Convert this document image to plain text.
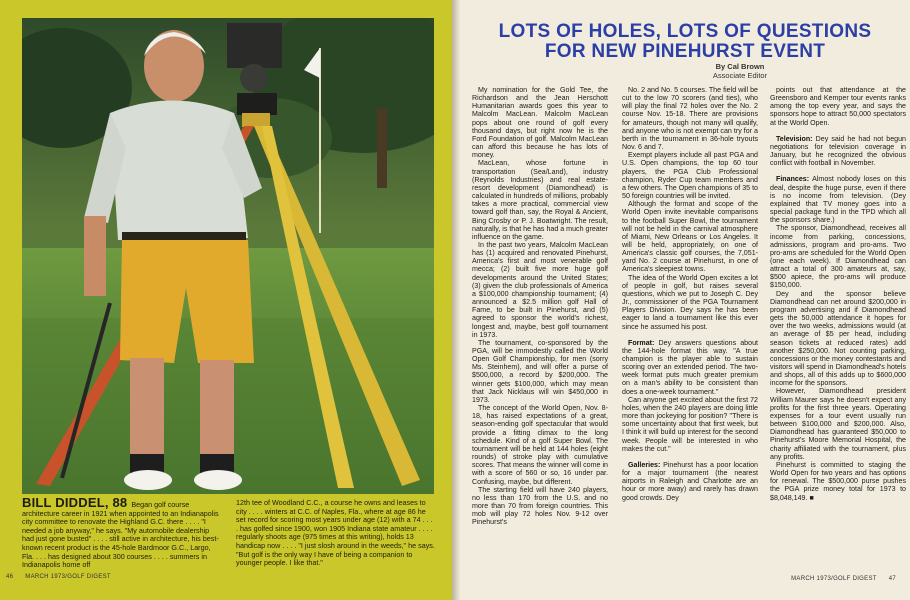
BILL DIDDEL, 88 Began golf course architecture career in 1921 when appointed to an Indianapolis city committee to renovate the Highland G.C. there . . . . "I needed a job anyway," he says. "My automobile dealership had just gone busted" . . . . still active in architecture, his best-known recent product is the 45-hole Bardmoor G.C., Largo, Fla. . . . has designed about 300 courses . . . . summers in Indianapolis home off
12th tee of Woodland C.C., a course he owns and leases to city . . . . winters at C.C. of Naples, Fla., where at age 86 he set record for scoring most years under age (12) with a 74 . . . . has golfed since 1900, won 1905 Indiana state amateur . . . . regularly shoots age (975 times at this writing), holds 13 handicap now . . . . "I just slosh around in the weeds," he says. "But golf is the only way I have of being a companion to younger people. I like that."
46 MARCH 1973/GOLF DIGEST
LOTS OF HOLES, LOTS OF QUESTIONS
FOR NEW PINEHURST EVENT
By Cal Brown
Associate Editor

My nomination for the Gold Tee, the Richardson and the Jean Herschott Humanitarian awards goes this year to Malcolm MacLean. Malcolm MacLean pops about one round of golf every thousand days, but right now he is the Ford Foundation of golf. Malcolm MacLean can afford this because he has lots of money.

MacLean, whose fortune in transportation (Sea/Land), industry (Reynolds Industries) and real estate-resort development (Diamondhead) is calculated in hundreds of millions, probably takes a more practical, commercial view toward golf than, say, the Royal & Ancient, Bing Crosby or P. J. Boatwright. The result, naturally, is that he has had a much greater influence on the game.

In the past two years, Malcolm MacLean has (1) acquired and renovated Pinehurst, America's first and most venerable golf mecca; (2) built five more huge golf developments around the United States; (3) given the club professionals of America a $100,000 championship tournament; (4) announced a $2.5 million golf Hall of Fame, to be built in Pinehurst, and (5) agreed to sponsor the world's richest, longest and, maybe, best golf tournament in 1973.

The tournament, co-sponsored by the PGA, will be immodestly called the World Open Golf Championship, for men (sorry Ms. Steinhem), and will offer a purse of $500,000, a record by $200,000. The winner gets $100,000, which may mean that Jack Nicklaus will win $450,000 in 1973.

The concept of the World Open, Nov. 8-18, has raised expectations of a great, season-ending golf spectacular that would provide a fitting climax to the long schedule. Kind of a golf Super Bowl. The tournament will be held at 144 holes (eight rounds) of stroke play with cumulative scores. That means the winner will come in with a score of 560 or so, 16 under par. Confusing, maybe, but different.

The starting field will have 240 players, no less than 170 from the U.S. and no more than 70 from foreign countries. This mob will play 72 holes Nov. 9-12 over Pinehurst's

No. 2 and No. 5 courses. The field will be cut to the low 70 scorers (and ties), who will play the final 72 holes over the No. 2 course Nov. 15-18. There are provisions for amateurs, though not many will qualify, and anyone who is not exempt can try for a berth in the tournament in 36-hole tryouts Nov. 6 and 7.

Exempt players include all past PGA and U.S. Open champions, the top 60 tour players, the PGA Club Professional champion, Ryder Cup team members and a few others. The Open champions of 35 to 50 foreign countries will be invited.

Although the format and scope of the World Open invite inevitable comparisons to the football Super Bowl, the tournament will not be held in the carnival atmosphere of Miami, New Orleans or Los Angeles. It will be held, appropriately, on one of America's classic golf courses, the 7,051-yard No. 2 course at Pinehurst, in one of America's sleepiest towns.

The idea of the World Open excites a lot of people in golf, but raises several questions, which we put to Joseph C. Dey Jr., commissioner of the PGA Tournament Players Division. Dey says he has been eager to land a tournament like this ever since he assumed his post.

Format: Dey answers questions about the 144-hole format this way. "A true champion is the player able to sustain scoring over an extended period. The two-week format puts much greater premium on a man's ability to be consistent than does a one-week tournament."

Can anyone get excited about the first 72 holes, when the 240 players are doing little more than jockeying for position? "There is some uncertainty about that first week, but I think it will build up interest for the second week. People will be interested in who makes the cut."

Galleries: Pinehurst has a poor location for a major tournament (the nearest airports in Raleigh and Charlotte are an hour or more away) and rarely has drawn good crowds. Dey

points out that attendance at the Greensboro and Kemper tour events ranks among the top every year, and says the sponsors hope to attract 50,000 spectators at the World Open.

Television: Dey said he had not begun negotiations for television coverage in January, but he recognized the obvious conflict with football in November.

Finances: Almost nobody loses on this deal, despite the huge purse, even if there is no income from television. (Dey explained that TV money goes into a special package fund in the TPD which all the sponsors share.)

The sponsor, Diamondhead, receives all income from parking, concessions, admissions, program and pro-ams. Two pro-ams are scheduled for the World Open (one each week). If Diamondhead can attract a total of 300 amateurs at, say, $500 apiece, the pro-ams will produce $150,000.

Dey and the sponsor believe Diamondhead can net around $200,000 in program advertising and if Diamondhead gets the 50,000 attendance it hopes for over the two weeks, admissions would (at an average of $5 per head, including season tickets at reduced rates) add another $250,000. Not counting parking, concessions or the money contestants and visitors will spend in Diamondhead's hotels and shops, all of this adds up to $600,000 income for the sponsors.

However, Diamondhead president William Maurer says he doesn't expect any profits for the first three years. Operating expenses for a tour event usually run between $100,000 and $200,000. Also, Diamondhead has guaranteed $50,000 to Pinehurst's Moore Memorial Hospital, the charity affiliated with the tournament, plus any profits.

Pinehurst is committed to staging the World Open for two years and has options for renewal. The $500,000 purse pushes the PGA prize money total for 1973 to $8,048,149. ■

MARCH 1973/GOLF DIGEST 47
